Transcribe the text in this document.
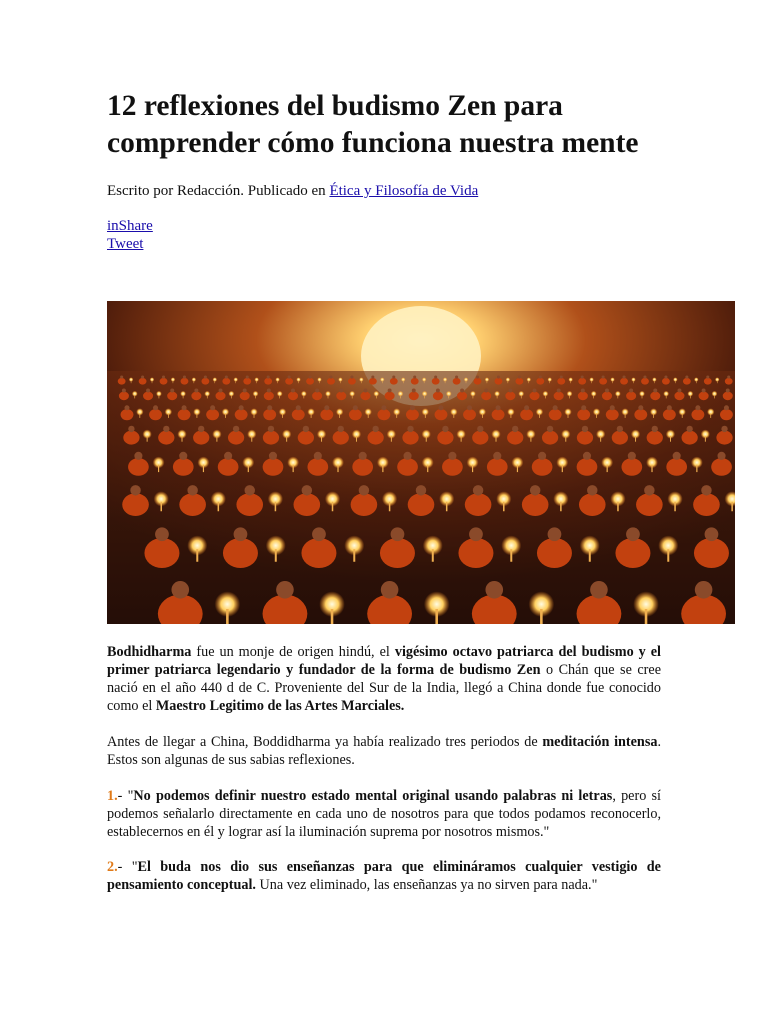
12 reflexiones del budismo Zen para comprender cómo funciona nuestra mente
Escrito por Redacción. Publicado en Ética y Filosofía de Vida
inShare
Tweet

Bodhidharma fue un monje de origen hindú, el vigésimo octavo patriarca del budismo y el primer patriarca legendario y fundador de la forma de budismo Zen o Chán que se cree nació en el año 440 d de C. Proveniente del Sur de la India, llegó a China donde fue conocido como el Maestro Legitimo de las Artes Marciales.

Antes de llegar a China, Boddidharma ya había realizado tres periodos de meditación intensa. Estos son algunas de sus sabias reflexiones.

1.- "No podemos definir nuestro estado mental original usando palabras ni letras, pero sí podemos señalarlo directamente en cada uno de nosotros para que todos podamos reconocerlo, establecernos en él y lograr así la iluminación suprema por nosotros mismos."

2.- "El buda nos dio sus enseñanzas para que elimináramos cualquier vestigio de pensamiento conceptual. Una vez eliminado, las enseñanzas ya no sirven para nada."
